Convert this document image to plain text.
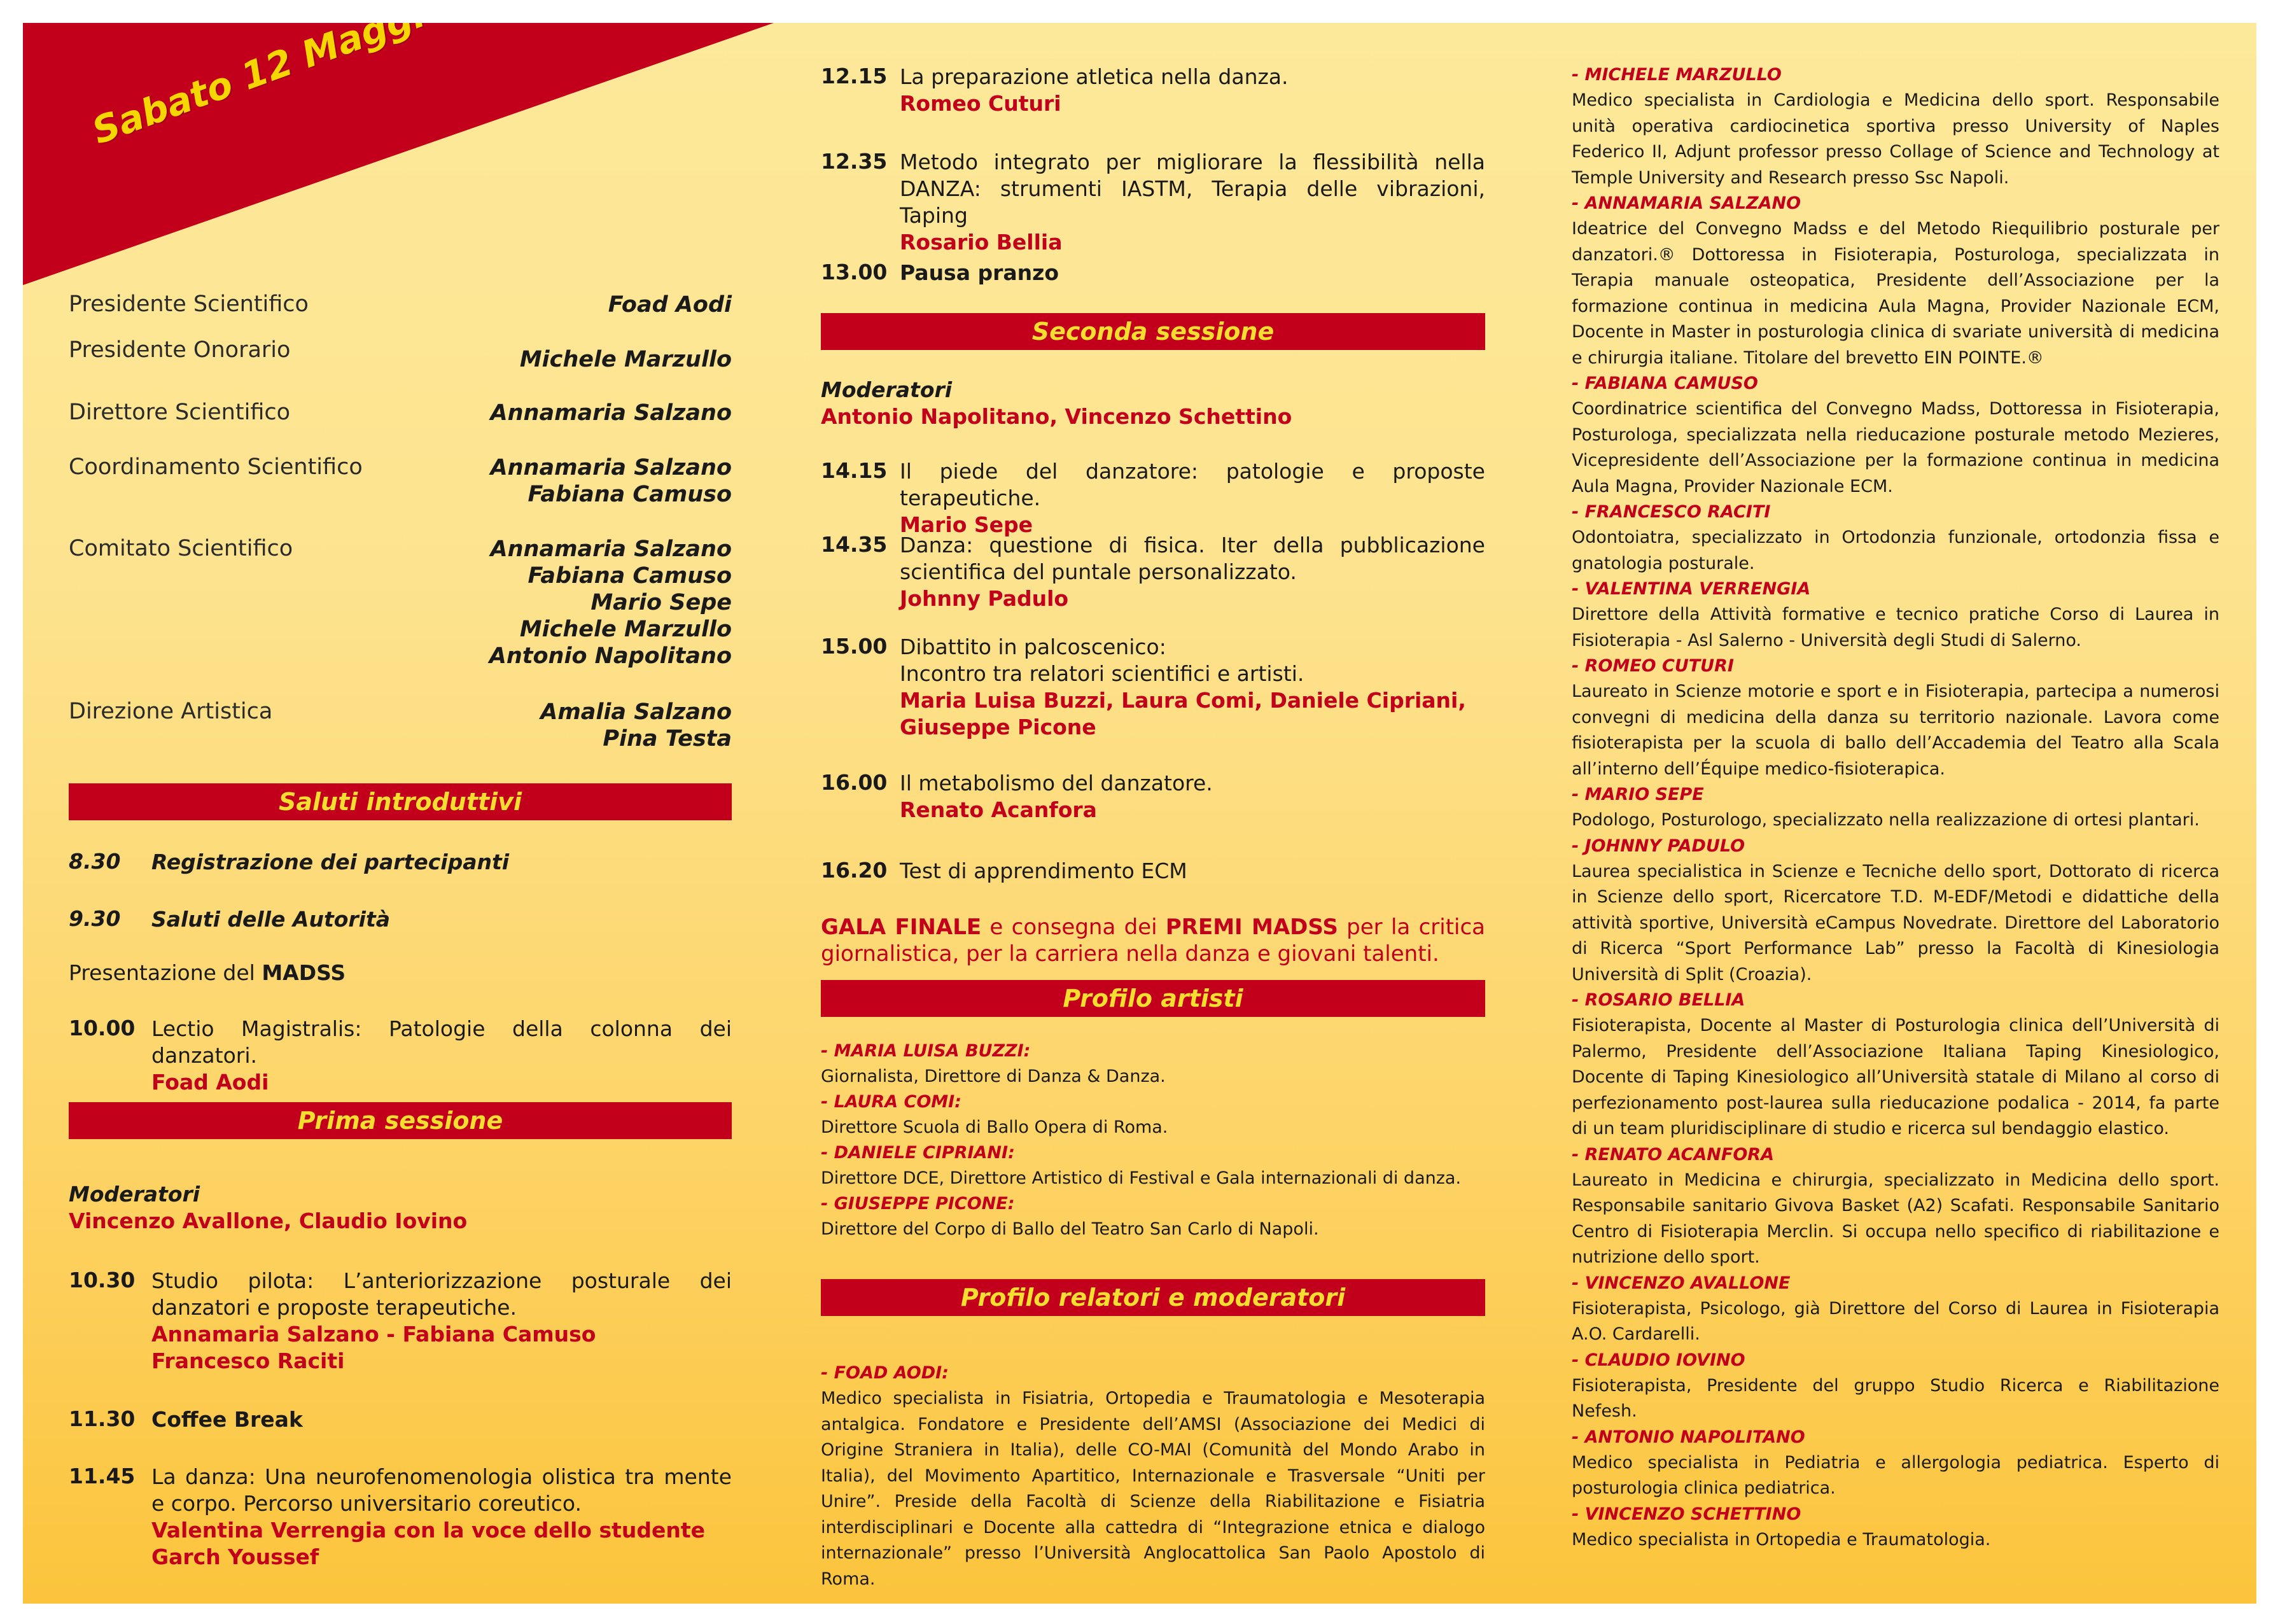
Presidente Scientifico	Foad Aodi
Presidente Onorario	Michele Marzullo
Direttore Scientifico	Annamaria Salzano
Coordinamento Scientifico	Annamaria Salzano
Fabiana Camuso
Comitato Scientifico	Annamaria Salzano
Fabiana Camuso
Mario Sepe
Michele Marzullo
Antonio Napolitano
Direzione Artistica	Amalia Salzano
Pina Testa
Saluti introduttivi
8.30 Registrazione dei partecipanti
9.30 Saluti delle Autorità
Presentazione del MADSS
10.00 Lectio Magistralis: Patologie della colonna dei danzatori.
Foad Aodi
Prima sessione
Moderatori
Vincenzo Avallone, Claudio Iovino
10.30 Studio pilota: L’anteriorizzazione posturale dei danzatori e proposte terapeutiche.
Annamaria Salzano - Fabiana Camuso
Francesco Raciti
11.30 Coffee Break
11.45 La danza: Una neurofenomenologia olistica tra mente e corpo. Percorso universitario coreutico.
Valentina Verrengia con la voce dello studente
Garch Youssef
12.15 La preparazione atletica nella danza.
Romeo Cuturi
12.35 Metodo integrato per migliorare la flessibilità nella DANZA: strumenti IASTM, Terapia delle vibrazioni, Taping
Rosario Bellia
13.00 Pausa pranzo
Seconda sessione
Moderatori
Antonio Napolitano, Vincenzo Schettino
14.15 Il piede del danzatore: patologie e proposte terapeutiche.
Mario Sepe
14.35 Danza: questione di fisica. Iter della pubblicazione scientifica del puntale personalizzato.
Johnny Padulo
15.00 Dibattito in palcoscenico:
Incontro tra relatori scientifici e artisti.
Maria Luisa Buzzi, Laura Comi, Daniele Cipriani,
Giuseppe Picone
16.00 Il metabolismo del danzatore.
Renato Acanfora
16.20 Test di apprendimento ECM
GALA FINALE e consegna dei PREMI MADSS per la critica giornalistica, per la carriera nella danza e giovani talenti.
Profilo artisti
- MARIA LUISA BUZZI:
Giornalista, Direttore di Danza & Danza.
- LAURA COMI:
Direttore Scuola di Ballo Opera di Roma.
- DANIELE CIPRIANI:
Direttore DCE, Direttore Artistico di Festival e Gala internazionali di danza.
- GIUSEPPE PICONE:
Direttore del Corpo di Ballo del Teatro San Carlo di Napoli.
Profilo relatori e moderatori
- FOAD AODI:
Medico specialista in Fisiatria, Ortopedia e Traumatologia e Mesoterapia antalgica. Fondatore e Presidente dell’AMSI (Associazione dei Medici di Origine Straniera in Italia), delle CO-MAI (Comunità del Mondo Arabo in Italia), del Movimento Apartitico, Internazionale e Trasversale “Uniti per Unire”. Preside della Facoltà di Scienze della Riabilitazione e Fisiatria interdisciplinari e Docente alla cattedra di “Integrazione etnica e dialogo internazionale” presso l’Università Anglocattolica San Paolo Apostolo di Roma.
- MICHELE MARZULLO
Medico specialista in Cardiologia e Medicina dello sport. Responsabile unità operativa cardiocinetica sportiva presso University of Naples Federico II, Adjunt professor presso Collage of Science and Technology at Temple University and Research presso Ssc Napoli.
- ANNAMARIA SALZANO
Ideatrice del Convegno Madss e del Metodo Riequilibrio posturale per danzatori.® Dottoressa in Fisioterapia, Posturologa, specializzata in Terapia manuale osteopatica, Presidente dell’Associazione per la formazione continua in medicina Aula Magna, Provider Nazionale ECM, Docente in Master in posturologia clinica di svariate università di medicina e chirurgia italiane. Titolare del brevetto EIN POINTE.®
- FABIANA CAMUSO
Coordinatrice scientifica del Convegno Madss, Dottoressa in Fisioterapia, Posturologa, specializzata nella rieducazione posturale metodo Mezieres, Vicepresidente dell’Associazione per la formazione continua in medicina Aula Magna, Provider Nazionale ECM.
- FRANCESCO RACITI
Odontoiatra, specializzato in Ortodonzia funzionale, ortodonzia fissa e gnatologia posturale.
- VALENTINA VERRENGIA
Direttore della Attività formative e tecnico pratiche Corso di Laurea in Fisioterapia - Asl Salerno - Università degli Studi di Salerno.
- ROMEO CUTURI
Laureato in Scienze motorie e sport e in Fisioterapia, partecipa a numerosi convegni di medicina della danza su territorio nazionale. Lavora come fisioterapista per la scuola di ballo dell’Accademia del Teatro alla Scala all’interno dell’Équipe medico-fisioterapica.
- MARIO SEPE
Podologo, Posturologo, specializzato nella realizzazione di ortesi plantari.
- JOHNNY PADULO
Laurea specialistica in Scienze e Tecniche dello sport, Dottorato di ricerca in Scienze dello sport, Ricercatore T.D. M-EDF/Metodi e didattiche della attività sportive, Università eCampus Novedrate. Direttore del Laboratorio di Ricerca “Sport Performance Lab” presso la Facoltà di Kinesiologia Università di Split (Croazia).
- ROSARIO BELLIA
Fisioterapista, Docente al Master di Posturologia clinica dell’Università di Palermo, Presidente dell’Associazione Italiana Taping Kinesiologico, Docente di Taping Kinesiologico all’Università statale di Milano al corso di perfezionamento post-laurea sulla rieducazione podalica - 2014, fa parte di un team pluridisciplinare di studio e ricerca sul bendaggio elastico.
- RENATO ACANFORA
Laureato in Medicina e chirurgia, specializzato in Medicina dello sport. Responsabile sanitario Givova Basket (A2) Scafati. Responsabile Sanitario Centro di Fisioterapia Merclin. Si occupa nello specifico di riabilitazione e nutrizione dello sport.
- VINCENZO AVALLONE
Fisioterapista, Psicologo, già Direttore del Corso di Laurea in Fisioterapia A.O. Cardarelli.
- CLAUDIO IOVINO
Fisioterapista, Presidente del gruppo Studio Ricerca e Riabilitazione Nefesh.
- ANTONIO NAPOLITANO
Medico specialista in Pediatria e allergologia pediatrica. Esperto di posturologia clinica pediatrica.
- VINCENZO SCHETTINO
Medico specialista in Ortopedia e Traumatologia.
